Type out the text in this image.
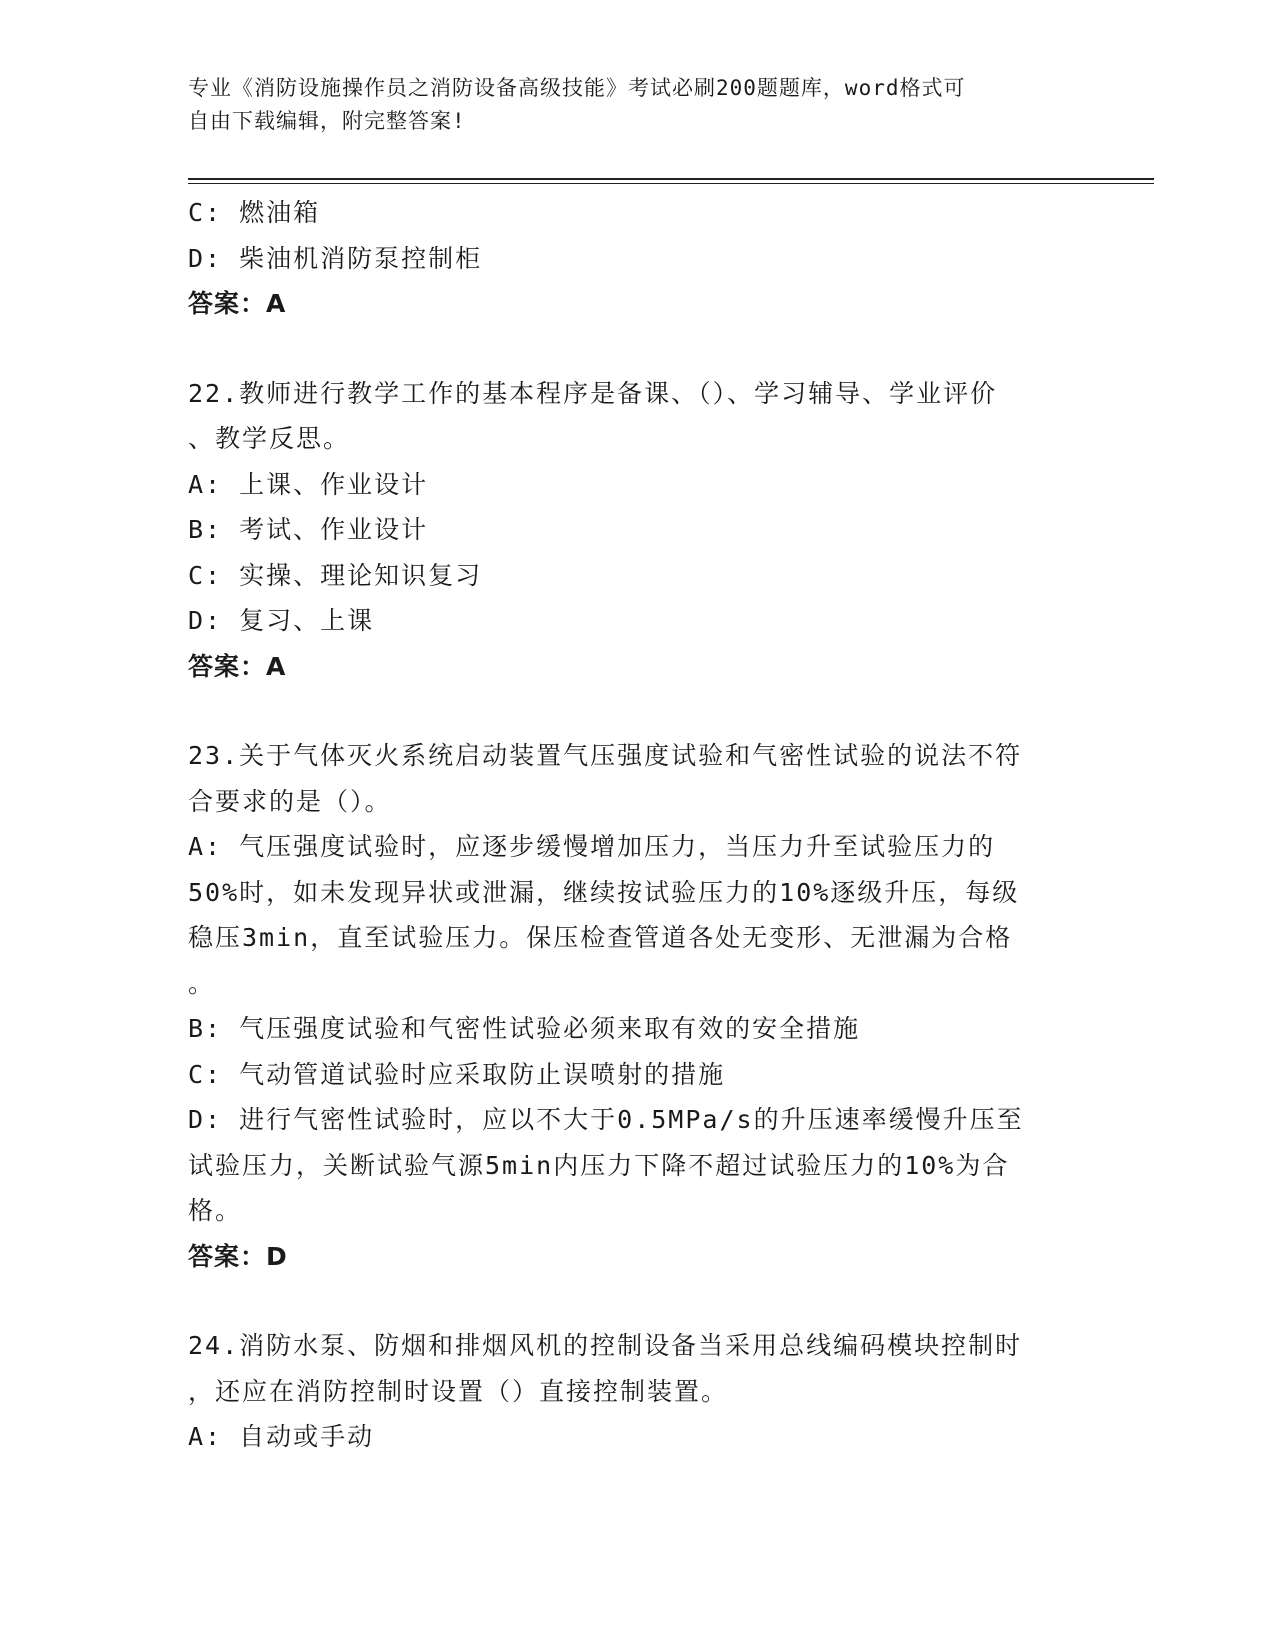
专业《消防设施操作员之消防设备高级技能》考试必刷200题题库，word格式可
自由下载编辑，附完整答案!
C: 燃油箱
D: 柴油机消防泵控制柜
答案：A
22.教师进行教学工作的基本程序是备课、（）、学习辅导、学业评价
、教学反思。
A: 上课、作业设计
B: 考试、作业设计
C: 实操、理论知识复习
D: 复习、上课
答案：A
23.关于气体灭火系统启动装置气压强度试验和气密性试验的说法不符
合要求的是（）。
A: 气压强度试验时，应逐步缓慢增加压力，当压力升至试验压力的
50%时，如未发现异状或泄漏，继续按试验压力的10%逐级升压，每级
稳压3min，直至试验压力。保压检查管道各处无变形、无泄漏为合格
。
B: 气压强度试验和气密性试验必须来取有效的安全措施
C: 气动管道试验时应采取防止误喷射的措施
D: 进行气密性试验时，应以不大于0.5MPa/s的升压速率缓慢升压至
试验压力，关断试验气源5min内压力下降不超过试验压力的10%为合
格。
答案：D
24.消防水泵、防烟和排烟风机的控制设备当采用总线编码模块控制时
，还应在消防控制时设置（）直接控制装置。
A: 自动或手动
